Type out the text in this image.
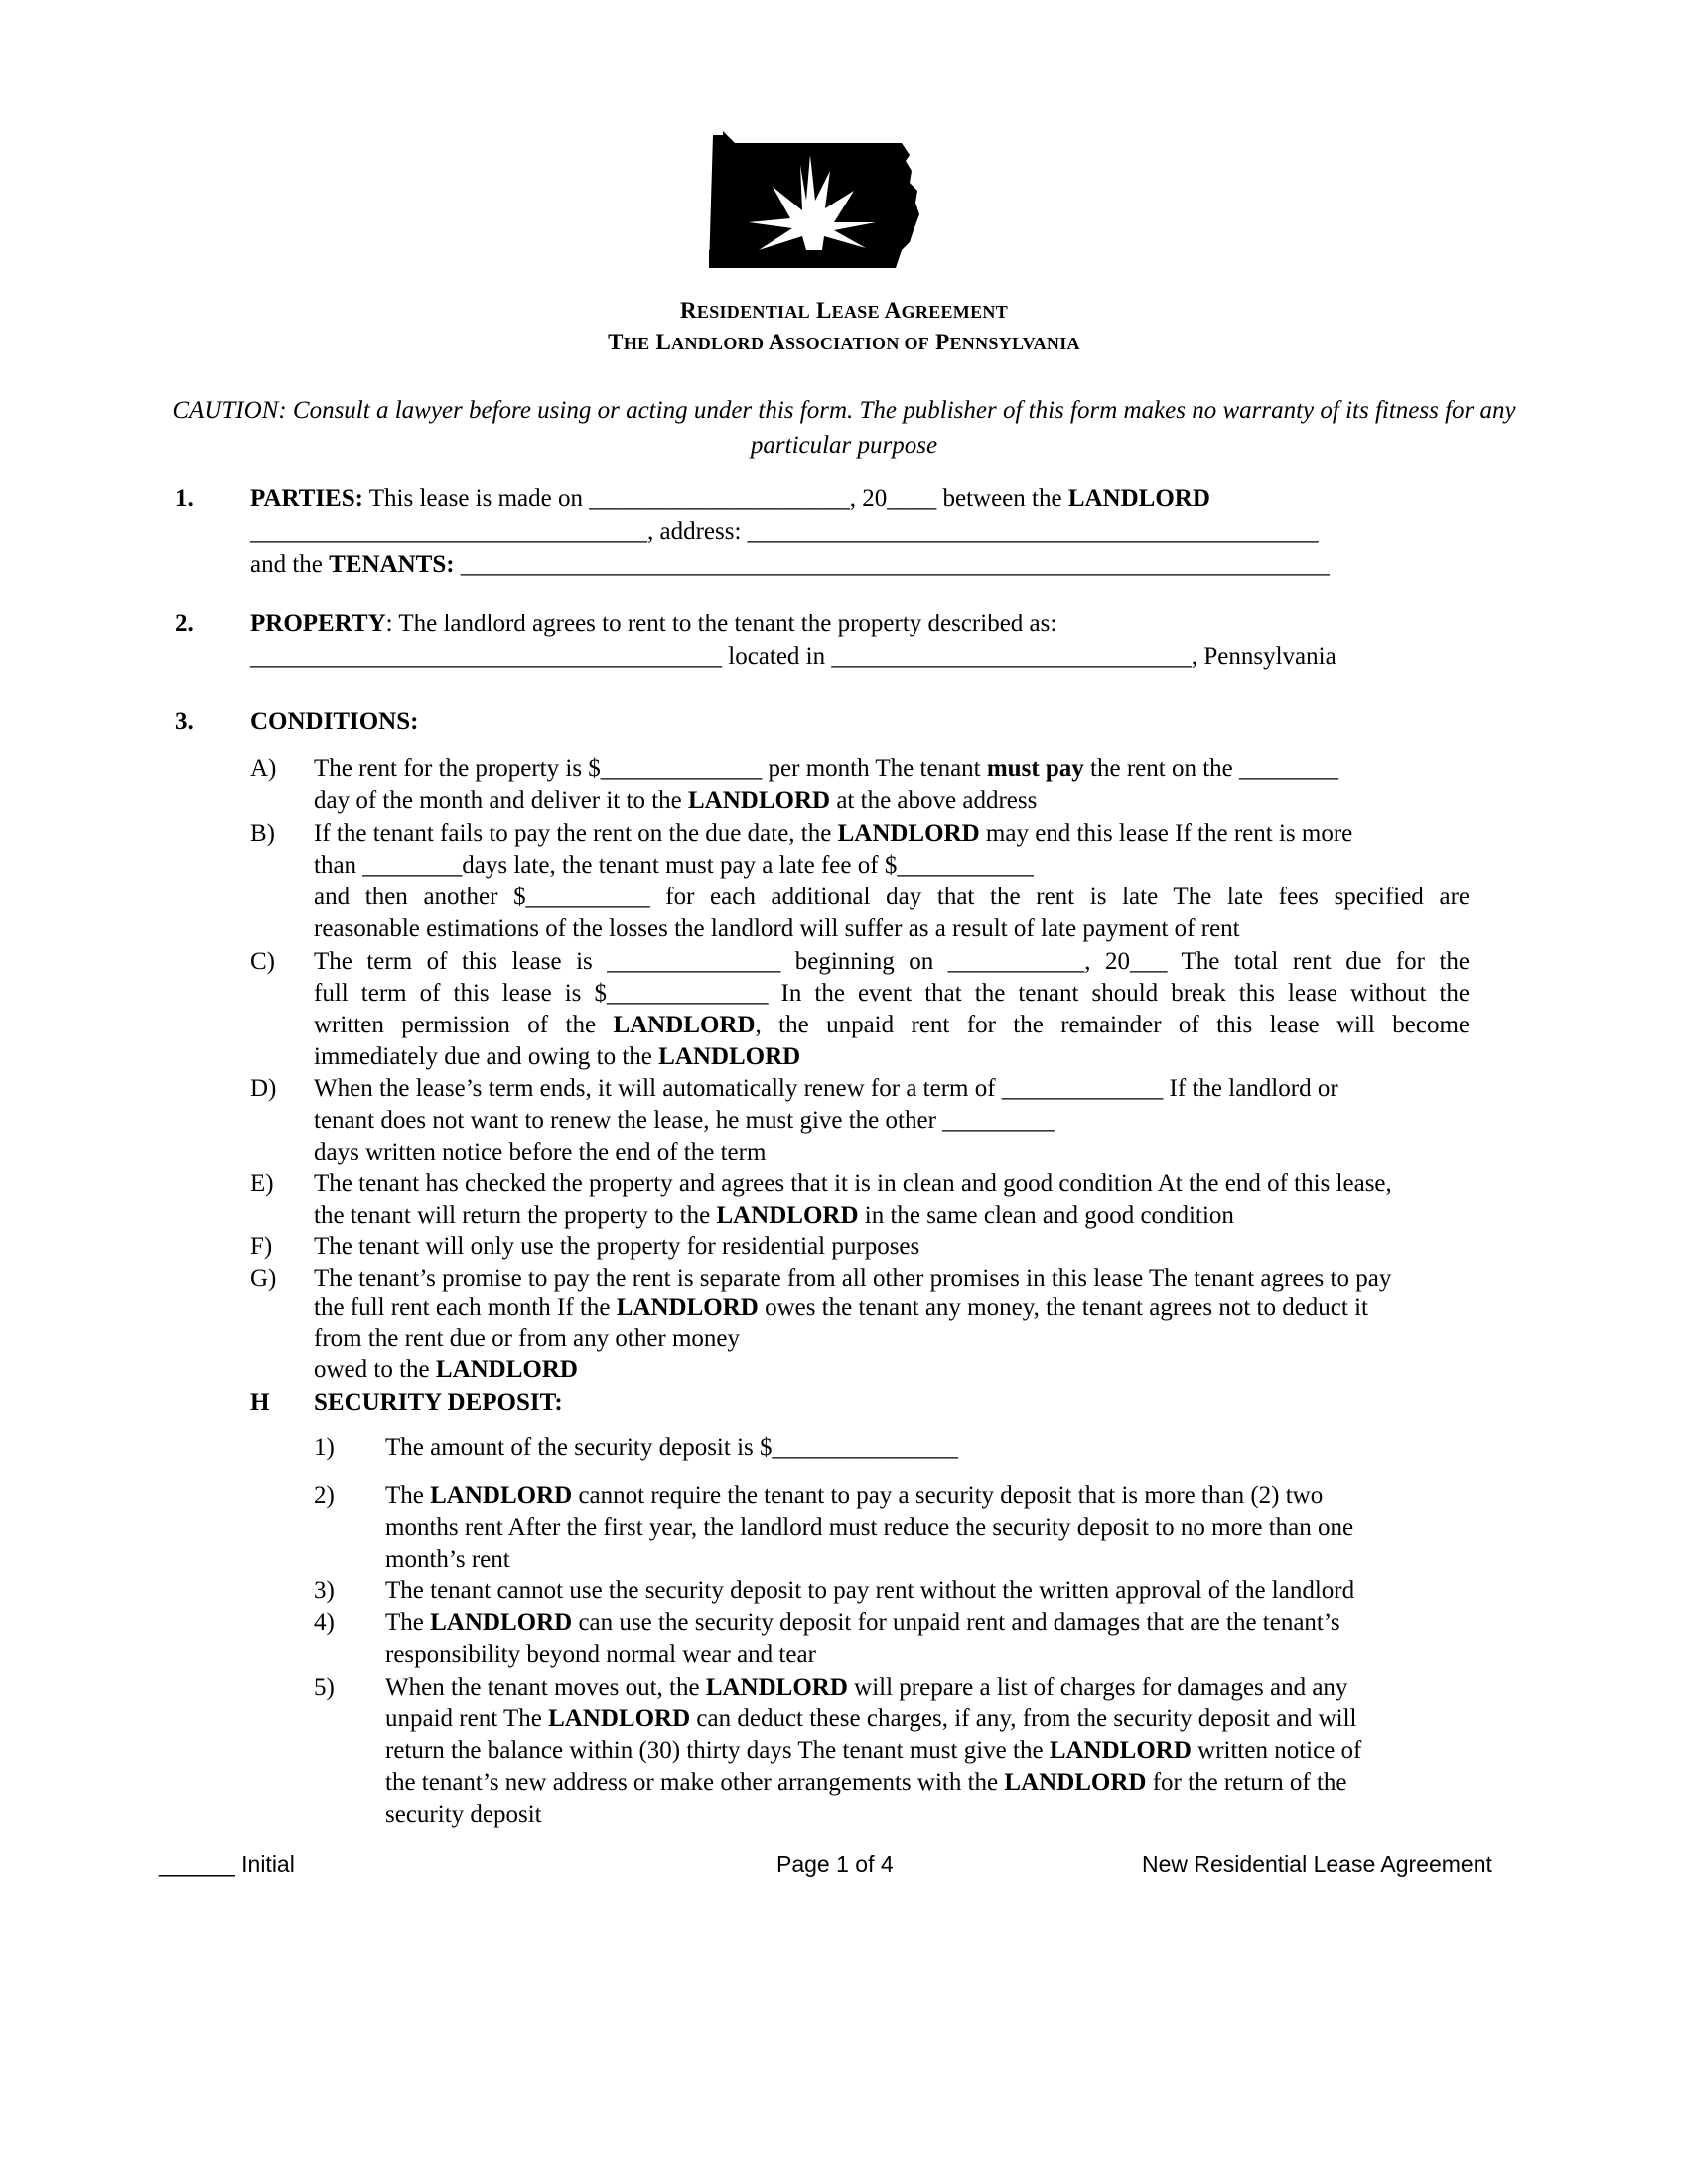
RESIDENTIAL LEASE AGREEMENT
THE LANDLORD ASSOCIATION OF PENNSYLVANIA
CAUTION: Consult a lawyer before using or acting under this form. The publisher of this form makes no warranty of its fitness for any particular purpose
1. PARTIES: This lease is made on _____________________, 20____ between the LANDLORD
________________________________, address: ______________________________________________
and the TENANTS: ______________________________________________________________________
2. PROPERTY: The landlord agrees to rent to the tenant the property described as:
______________________________________ located in _____________________________, Pennsylvania
3. CONDITIONS:
A) The rent for the property is $_____________ per month The tenant must pay the rent on the ________
day of the month and deliver it to the LANDLORD at the above address
B) If the tenant fails to pay the rent on the due date, the LANDLORD may end this lease If the rent is more
than ________days late, the tenant must pay a late fee of $___________
and then another $__________ for each additional day that the rent is late The late fees specified are
reasonable estimations of the losses the landlord will suffer as a result of late payment of rent
C) The term of this lease is ______________ beginning on ___________, 20___ The total rent due for the
full term of this lease is $_____________ In the event that the tenant should break this lease without the
written permission of the LANDLORD, the unpaid rent for the remainder of this lease will become
immediately due and owing to the LANDLORD
D) When the lease’s term ends, it will automatically renew for a term of _____________ If the landlord or
tenant does not want to renew the lease, he must give the other _________
days written notice before the end of the term
E) The tenant has checked the property and agrees that it is in clean and good condition At the end of this lease,
the tenant will return the property to the LANDLORD in the same clean and good condition
F) The tenant will only use the property for residential purposes
G) The tenant’s promise to pay the rent is separate from all other promises in this lease The tenant agrees to pay
the full rent each month If the LANDLORD owes the tenant any money, the tenant agrees not to deduct it
from the rent due or from any other money
owed to the LANDLORD
H SECURITY DEPOSIT:
1) The amount of the security deposit is $_______________
2) The LANDLORD cannot require the tenant to pay a security deposit that is more than (2) two
months rent After the first year, the landlord must reduce the security deposit to no more than one
month’s rent
3) The tenant cannot use the security deposit to pay rent without the written approval of the landlord
4) The LANDLORD can use the security deposit for unpaid rent and damages that are the tenant’s
responsibility beyond normal wear and tear
5) When the tenant moves out, the LANDLORD will prepare a list of charges for damages and any
unpaid rent The LANDLORD can deduct these charges, if any, from the security deposit and will
return the balance within (30) thirty days The tenant must give the LANDLORD written notice of
the tenant’s new address or make other arrangements with the LANDLORD for the return of the
security deposit
______ Initial	Page 1 of 4	New Residential Lease Agreement
